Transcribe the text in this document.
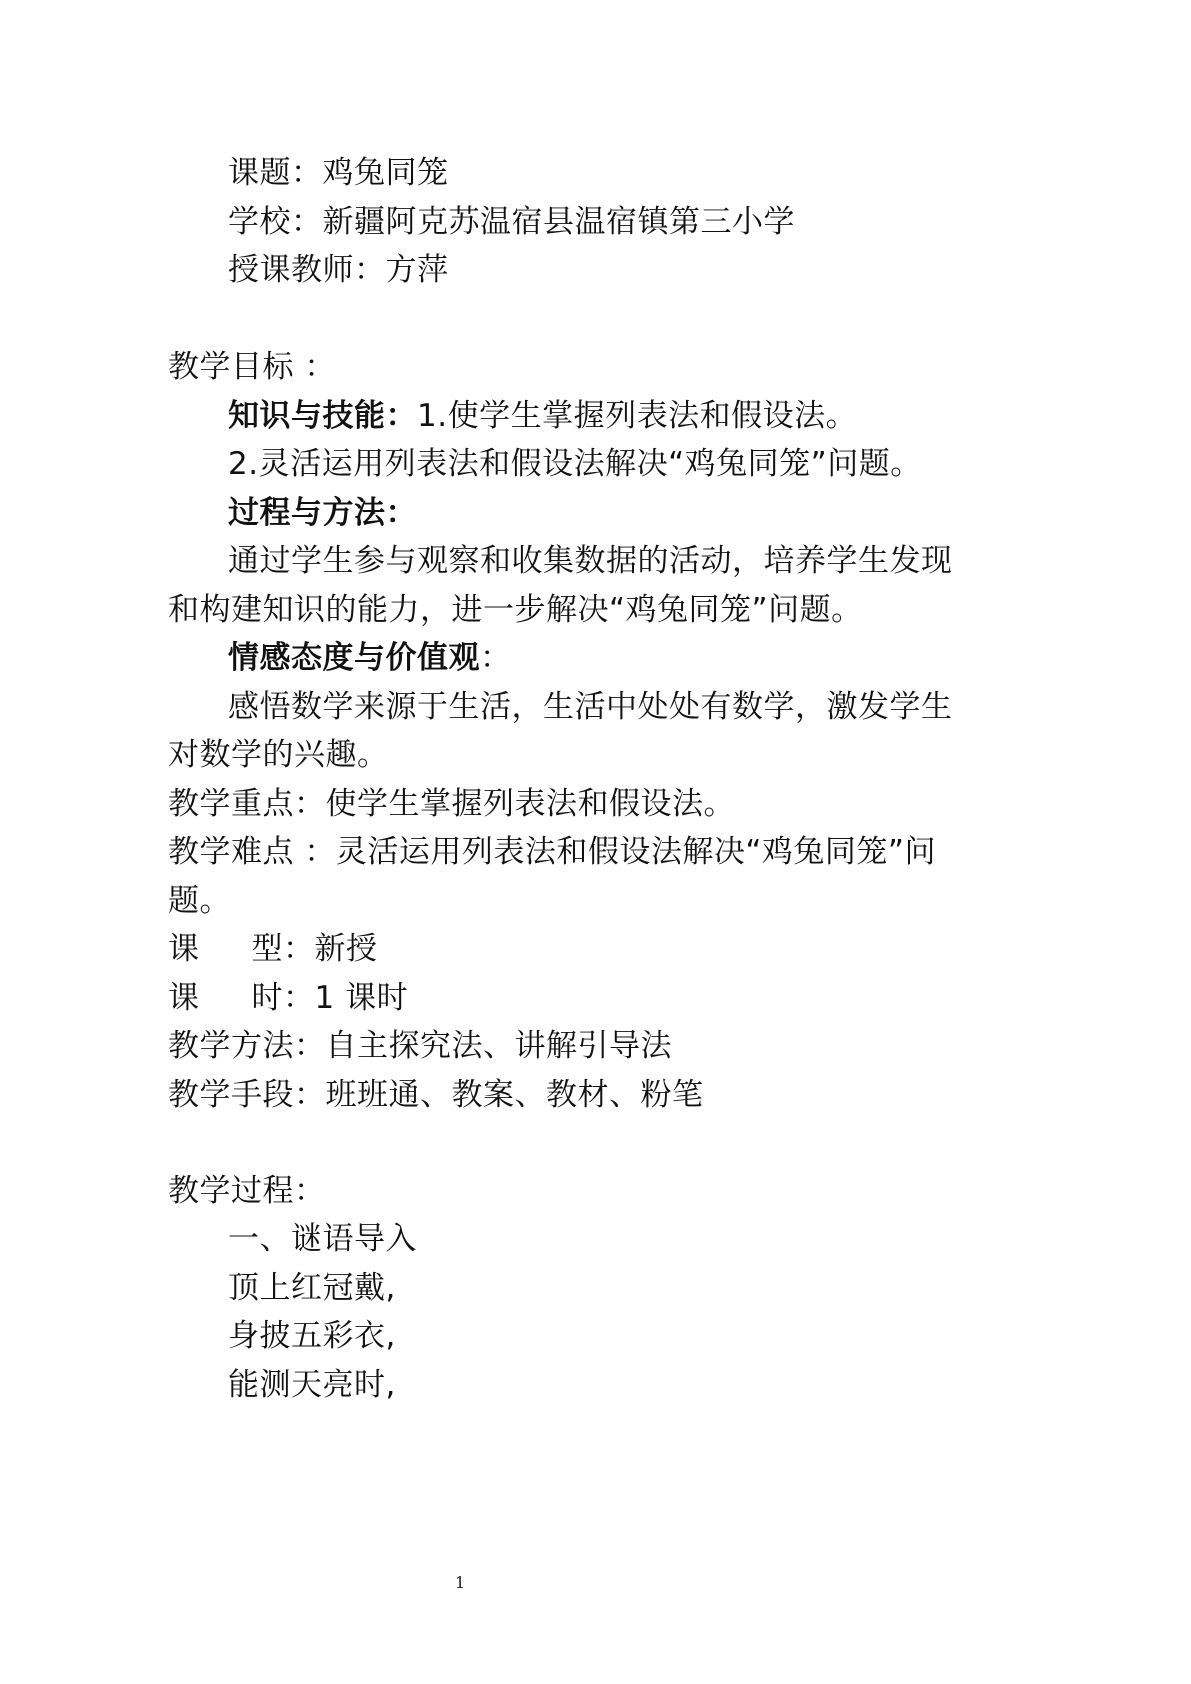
课题：鸡兔同笼
学校：新疆阿克苏温宿县温宿镇第三小学
授课教师：方萍
教学目标 ：
知识与技能：1.使学生掌握列表法和假设法。
2.灵活运用列表法和假设法解决“鸡兔同笼”问题。
过程与方法：
通过学生参与观察和收集数据的活动，培养学生发现
和构建知识的能力，进一步解决“鸡兔同笼”问题。
情感态度与价值观：
感悟数学来源于生活，生活中处处有数学，激发学生
对数学的兴趣。
教学重点：使学生掌握列表法和假设法。
教学难点 ：灵活运用列表法和假设法解决“鸡兔同笼”问
题。
课 型：新授
课 时：1 课时
教学方法：自主探究法、讲解引导法
教学手段：班班通、教案、教材、粉笔
教学过程：
一、谜语导入
顶上红冠戴,
身披五彩衣,
能测天亮时,
1
